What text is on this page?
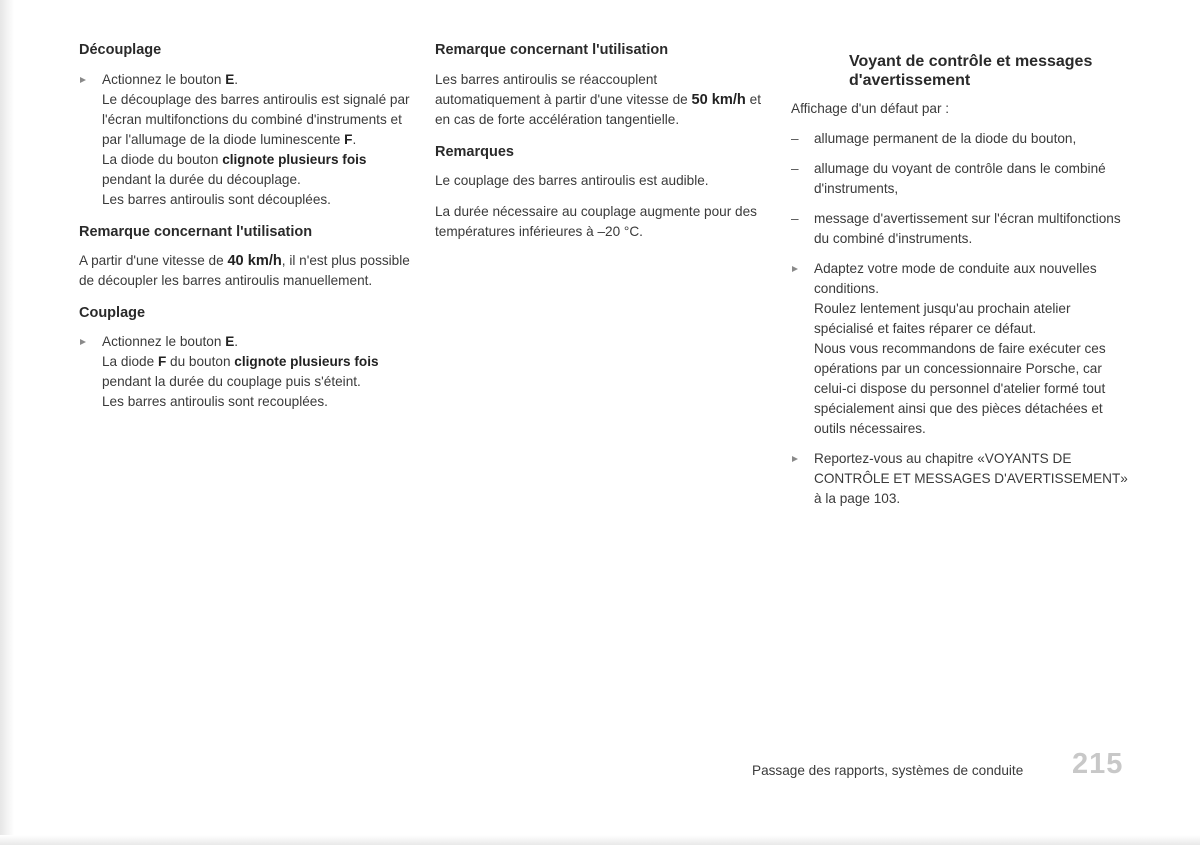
Découplage
Actionnez le bouton E.
Le découplage des barres antiroulis est signalé par l'écran multifonctions du combiné d'instruments et par l'allumage de la diode luminescente F.
La diode du bouton clignote plusieurs fois pendant la durée du découplage.
Les barres antiroulis sont découplées.
Remarque concernant l'utilisation

A partir d'une vitesse de 40 km/h, il n'est plus possible de découpler les barres antiroulis manuellement.

Couplage
Actionnez le bouton E.
La diode F du bouton clignote plusieurs fois pendant la durée du couplage puis s'éteint.
Les barres antiroulis sont recouplées.
Remarque concernant l'utilisation

Les barres antiroulis se réaccouplent automatiquement à partir d'une vitesse de 50 km/h et en cas de forte accélération tangentielle.

Remarques

Le couplage des barres antiroulis est audible.

La durée nécessaire au couplage augmente pour des températures inférieures à –20 °C.

Voyant de contrôle et messages d'avertissement

Affichage d'un défaut par :

–	allumage permanent de la diode du bouton,
–	allumage du voyant de contrôle dans le combiné d'instruments,
–	message d'avertissement sur l'écran multifonctions du combiné d'instruments.
Adaptez votre mode de conduite aux nouvelles conditions.
Roulez lentement jusqu'au prochain atelier spécialisé et faites réparer ce défaut.
Nous vous recommandons de faire exécuter ces opérations par un concessionnaire Porsche, car celui-ci dispose du personnel d'atelier formé tout spécialement ainsi que des pièces détachées et outils nécessaires.
Reportez-vous au chapitre «VOYANTS DE CONTRÔLE ET MESSAGES D'AVERTISSEMENT» à la page 103.
Passage des rapports, systèmes de conduite 215
